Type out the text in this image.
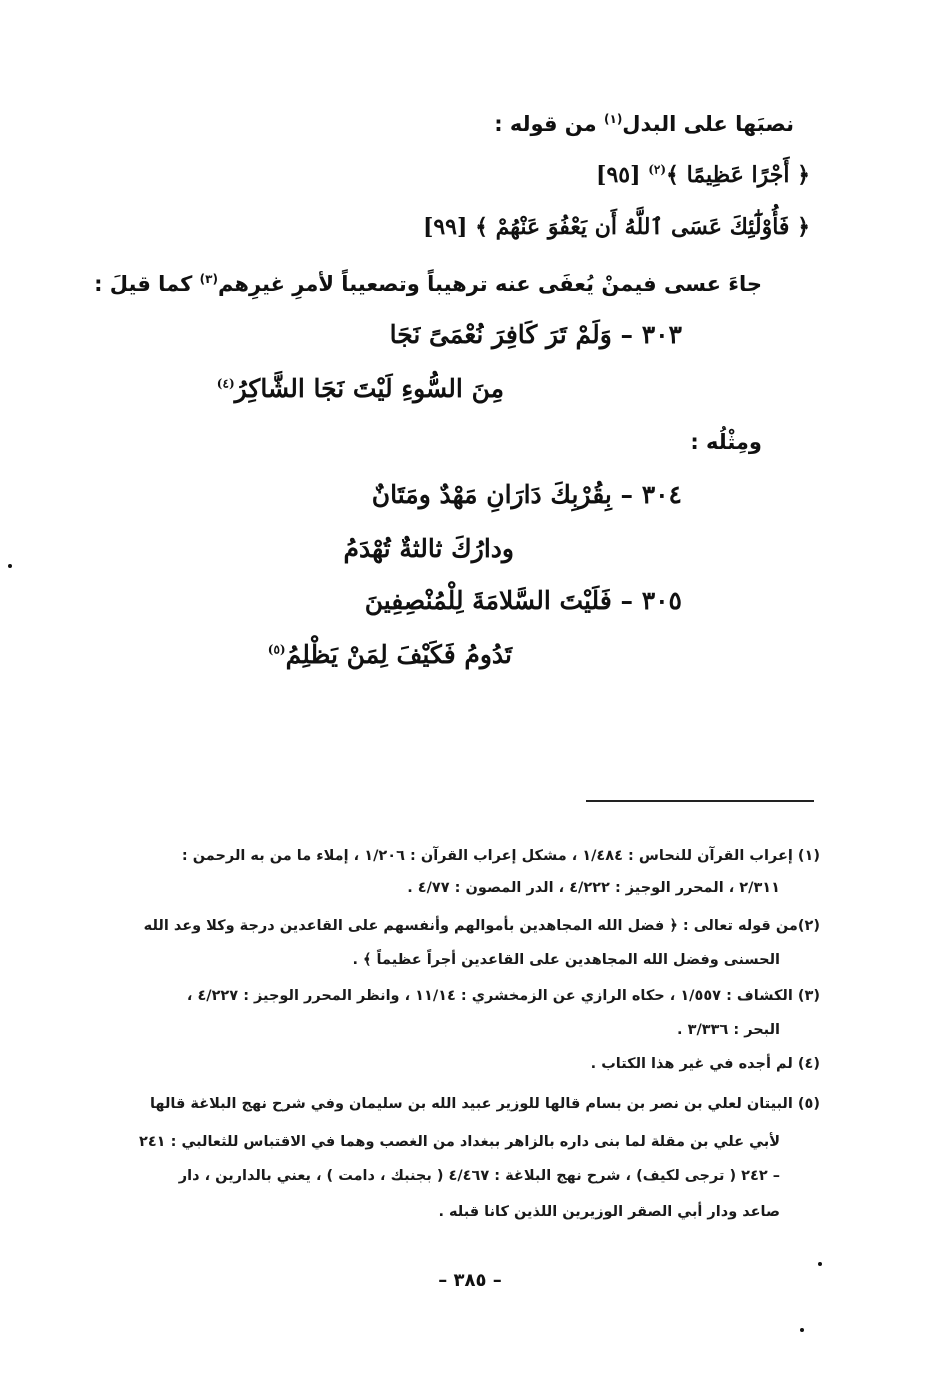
نصبَها على البدل$^{(١)}$ من قوله :
﴿ أَجْرًا عَظِيمًا ﴾$^{(٢)}$ [٩٥]
﴿ فَأُوْلَٰٓئِكَ عَسَى ٱللَّهُ أَن يَعْفُوَ عَنْهُمْ ﴾ [٩٩]
جاءَ عسى فيمنْ يُعفَى عنه ترهيباً وتصعيباً لأمرِ غيرِهم$^{(٣)}$ كما قيلَ :
٣٠٣ – وَلَمْ تَرَ كَافِرَ نُعْمَىً نَجَا
مِنَ السُّوءِ لَيْتَ نَجَا الشَّاكِرُ$^{(٤)}$
ومِثْلُه :
٣٠٤ – بِقُرْبِكَ دَارَانِ مَهْدٌ ومَتَانٌ
ودارُكَ ثالثةٌ تُهْدَمُ
٣٠٥ – فَلَيْتَ السَّلامَةَ لِلْمُنْصِفِينَ
تَدُومُ فَكَيْفَ لِمَنْ يَظْلِمُ$^{(٥)}$
(١) إعراب القرآن للنحاس : ١/٤٨٤ ، مشكل إعراب القرآن : ١/٢٠٦ ، إملاء ما من به الرحمن :
٢/٣١١ ، المحرر الوجيز : ٤/٢٢٢ ، الدر المصون : ٤/٧٧ .
(٢)من قوله تعالى : ﴿ فضل الله المجاهدين بأموالهم وأنفسهم على القاعدين درجة وكلا وعد الله
الحسنى وفضل الله المجاهدين على القاعدين أجراً عظيماً ﴾ .
(٣) الكشاف : ١/٥٥٧ ، حكاه الرازي عن الزمخشري : ١١/١٤ ، وانظر المحرر الوجيز : ٤/٢٢٧ ،
البحر : ٣/٣٣٦ .
(٤) لم أجده في غير هذا الكتاب .
(٥) البيتان لعلي بن نصر بن بسام قالها للوزير عبيد الله بن سليمان وفي شرح نهج البلاغة قالها
لأبي علي بن مقلة لما بنى داره بالزاهر ببغداد من الغصب وهما في الاقتباس للثعالبي : ٢٤١
– ٢٤٢ ( ترجى لكيف) ، شرح نهج البلاغة : ٤/٤٦٧ ( بجنبك ، دامت ) ، يعني بالدارين ، دار
صاعد ودار أبي الصقر الوزيرين اللذين كانا قبله .
– ٣٨٥ –
